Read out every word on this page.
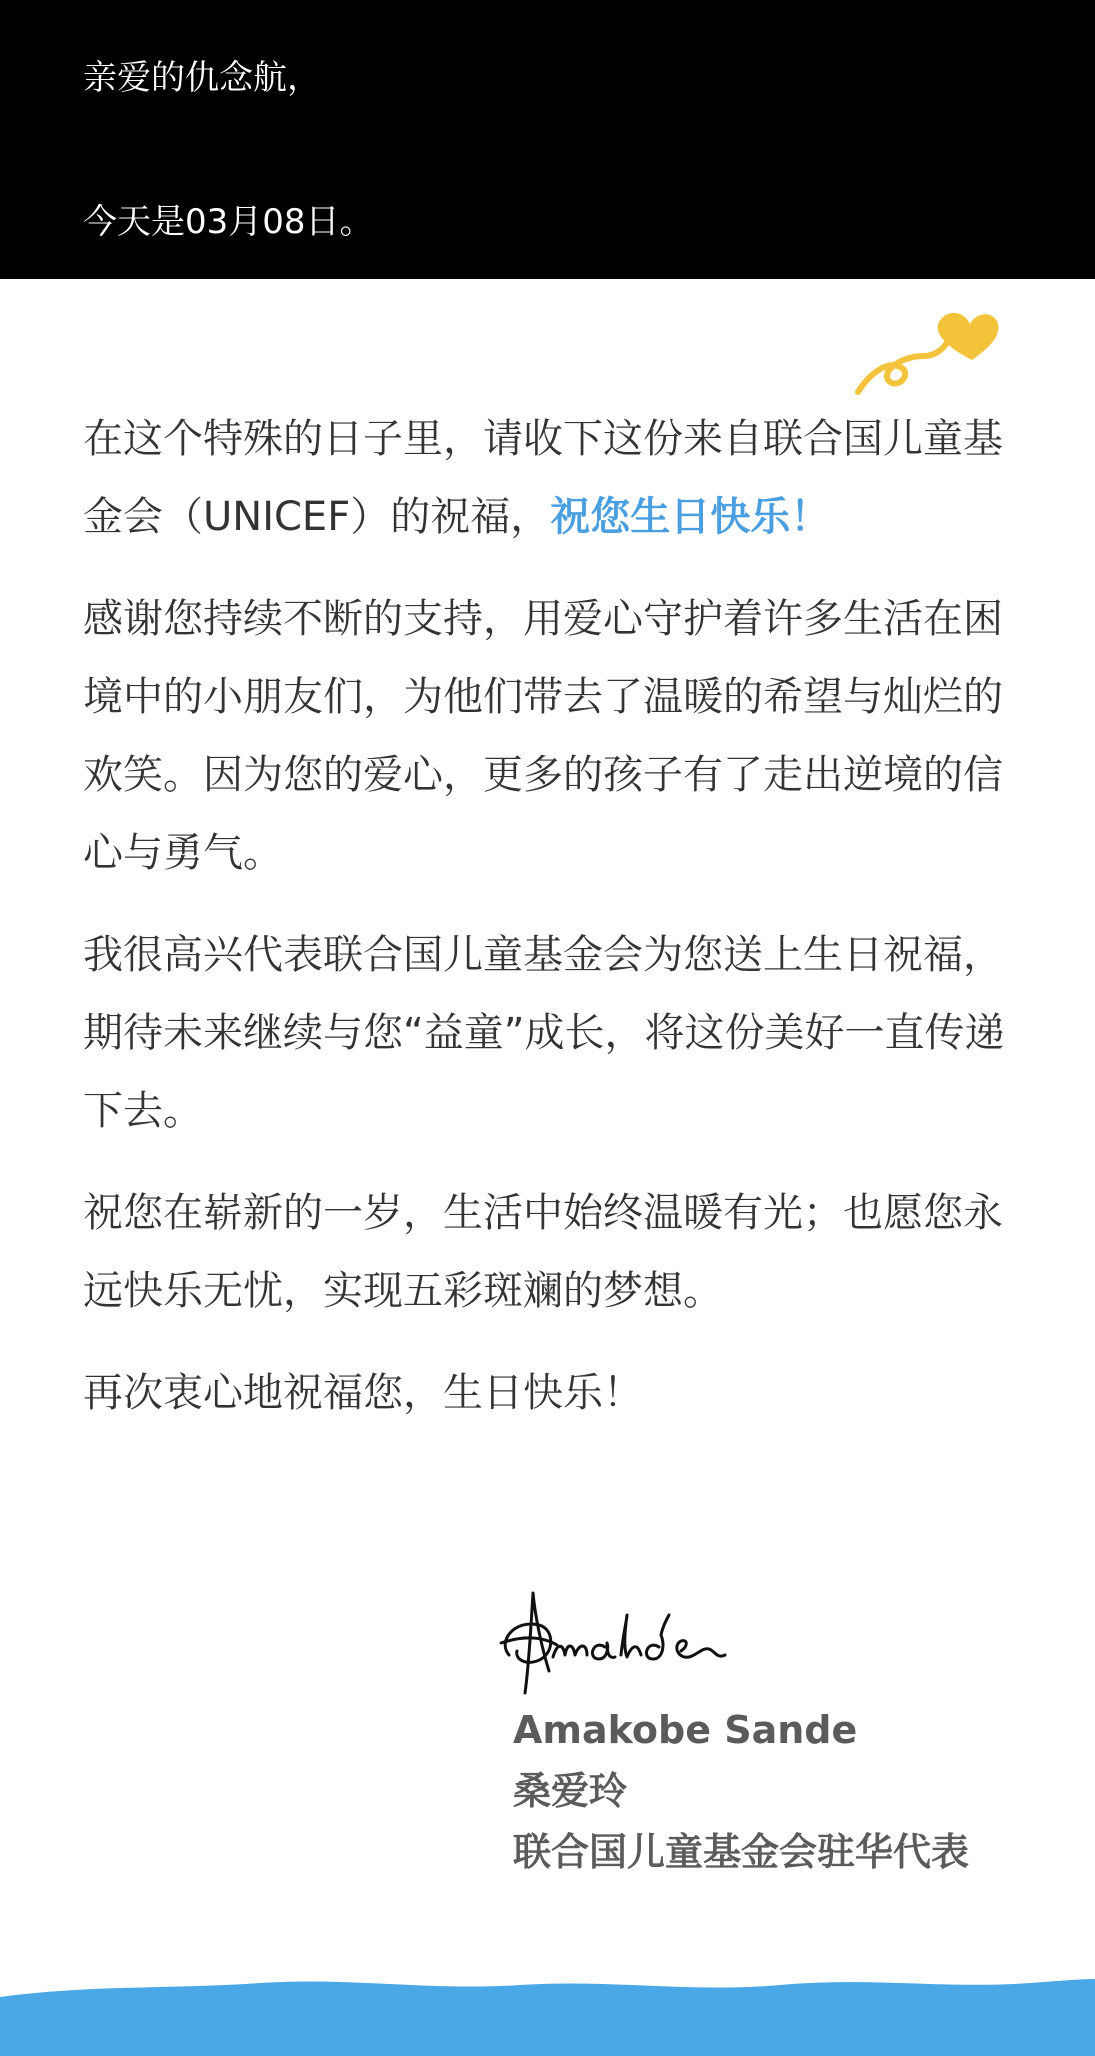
亲爱的仇念航，
今天是03月08日。

在这个特殊的日子里，请收下这份来自联合国儿童基金会（UNICEF）的祝福，祝您生日快乐！

感谢您持续不断的支持，用爱心守护着许多生活在困境中的小朋友们，为他们带去了温暖的希望与灿烂的欢笑。因为您的爱心，更多的孩子有了走出逆境的信心与勇气。

我很高兴代表联合国儿童基金会为您送上生日祝福，期待未来继续与您“益童”成长，将这份美好一直传递下去。

祝您在崭新的一岁，生活中始终温暖有光；也愿您永远快乐无忧，实现五彩斑斓的梦想。

再次衷心地祝福您，生日快乐！

Amakobe Sande
桑爱玲
联合国儿童基金会驻华代表
